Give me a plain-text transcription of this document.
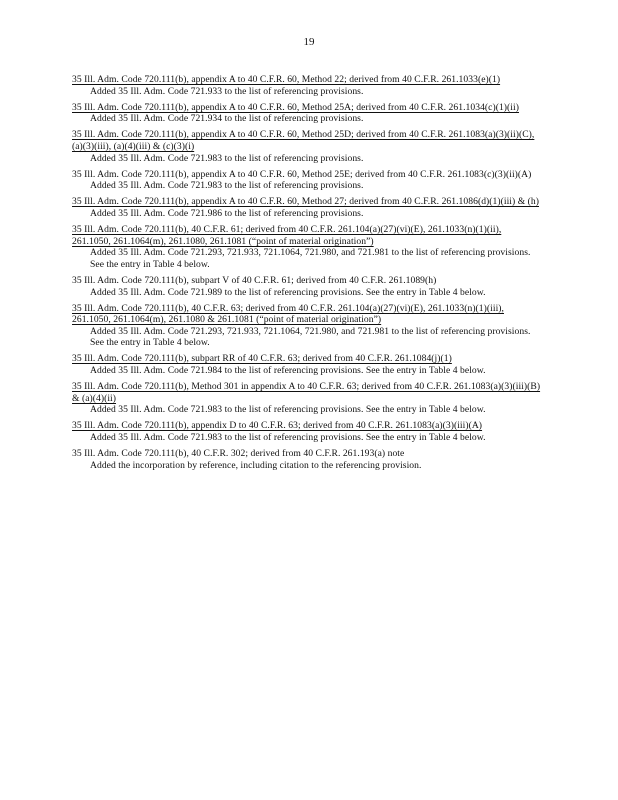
19
35 Ill. Adm. Code 720.111(b), appendix A to 40 C.F.R. 60, Method 22; derived from 40 C.F.R. 261.1033(e)(1)
Added 35 Ill. Adm. Code 721.933 to the list of referencing provisions.
35 Ill. Adm. Code 720.111(b), appendix A to 40 C.F.R. 60, Method 25A; derived from 40 C.F.R. 261.1034(c)(1)(ii)
Added 35 Ill. Adm. Code 721.934 to the list of referencing provisions.
35 Ill. Adm. Code 720.111(b), appendix A to 40 C.F.R. 60, Method 25D; derived from 40 C.F.R. 261.1083(a)(3)(ii)(C), (a)(3)(iii), (a)(4)(iii) & (c)(3)(i)
Added 35 Ill. Adm. Code 721.983 to the list of referencing provisions.
35 Ill. Adm. Code 720.111(b), appendix A to 40 C.F.R. 60, Method 25E; derived from 40 C.F.R. 261.1083(c)(3)(ii)(A)
Added 35 Ill. Adm. Code 721.983 to the list of referencing provisions.
35 Ill. Adm. Code 720.111(b), appendix A to 40 C.F.R. 60, Method 27; derived from 40 C.F.R. 261.1086(d)(1)(iii) & (h)
Added 35 Ill. Adm. Code 721.986 to the list of referencing provisions.
35 Ill. Adm. Code 720.111(b), 40 C.F.R. 61; derived from 40 C.F.R. 261.104(a)(27)(vi)(E), 261.1033(n)(1)(ii), 261.1050, 261.1064(m), 261.1080, 261.1081 (“point of material origination”)
Added 35 Ill. Adm. Code 721.293, 721.933, 721.1064, 721.980, and 721.981 to the list of referencing provisions. See the entry in Table 4 below.
35 Ill. Adm. Code 720.111(b), subpart V of 40 C.F.R. 61; derived from 40 C.F.R. 261.1089(h)
Added 35 Ill. Adm. Code 721.989 to the list of referencing provisions. See the entry in Table 4 below.
35 Ill. Adm. Code 720.111(b), 40 C.F.R. 63; derived from 40 C.F.R. 261.104(a)(27)(vi)(E), 261.1033(n)(1)(iii), 261.1050, 261.1064(m), 261.1080 & 261.1081 (“point of material origination”)
Added 35 Ill. Adm. Code 721.293, 721.933, 721.1064, 721.980, and 721.981 to the list of referencing provisions. See the entry in Table 4 below.
35 Ill. Adm. Code 720.111(b), subpart RR of 40 C.F.R. 63; derived from 40 C.F.R. 261.1084(j)(1)
Added 35 Ill. Adm. Code 721.984 to the list of referencing provisions. See the entry in Table 4 below.
35 Ill. Adm. Code 720.111(b), Method 301 in appendix A to 40 C.F.R. 63; derived from 40 C.F.R. 261.1083(a)(3)(iii)(B) & (a)(4)(ii)
Added 35 Ill. Adm. Code 721.983 to the list of referencing provisions. See the entry in Table 4 below.
35 Ill. Adm. Code 720.111(b), appendix D to 40 C.F.R. 63; derived from 40 C.F.R. 261.1083(a)(3)(iii)(A)
Added 35 Ill. Adm. Code 721.983 to the list of referencing provisions. See the entry in Table 4 below.
35 Ill. Adm. Code 720.111(b), 40 C.F.R. 302; derived from 40 C.F.R. 261.193(a) note
Added the incorporation by reference, including citation to the referencing provision.
